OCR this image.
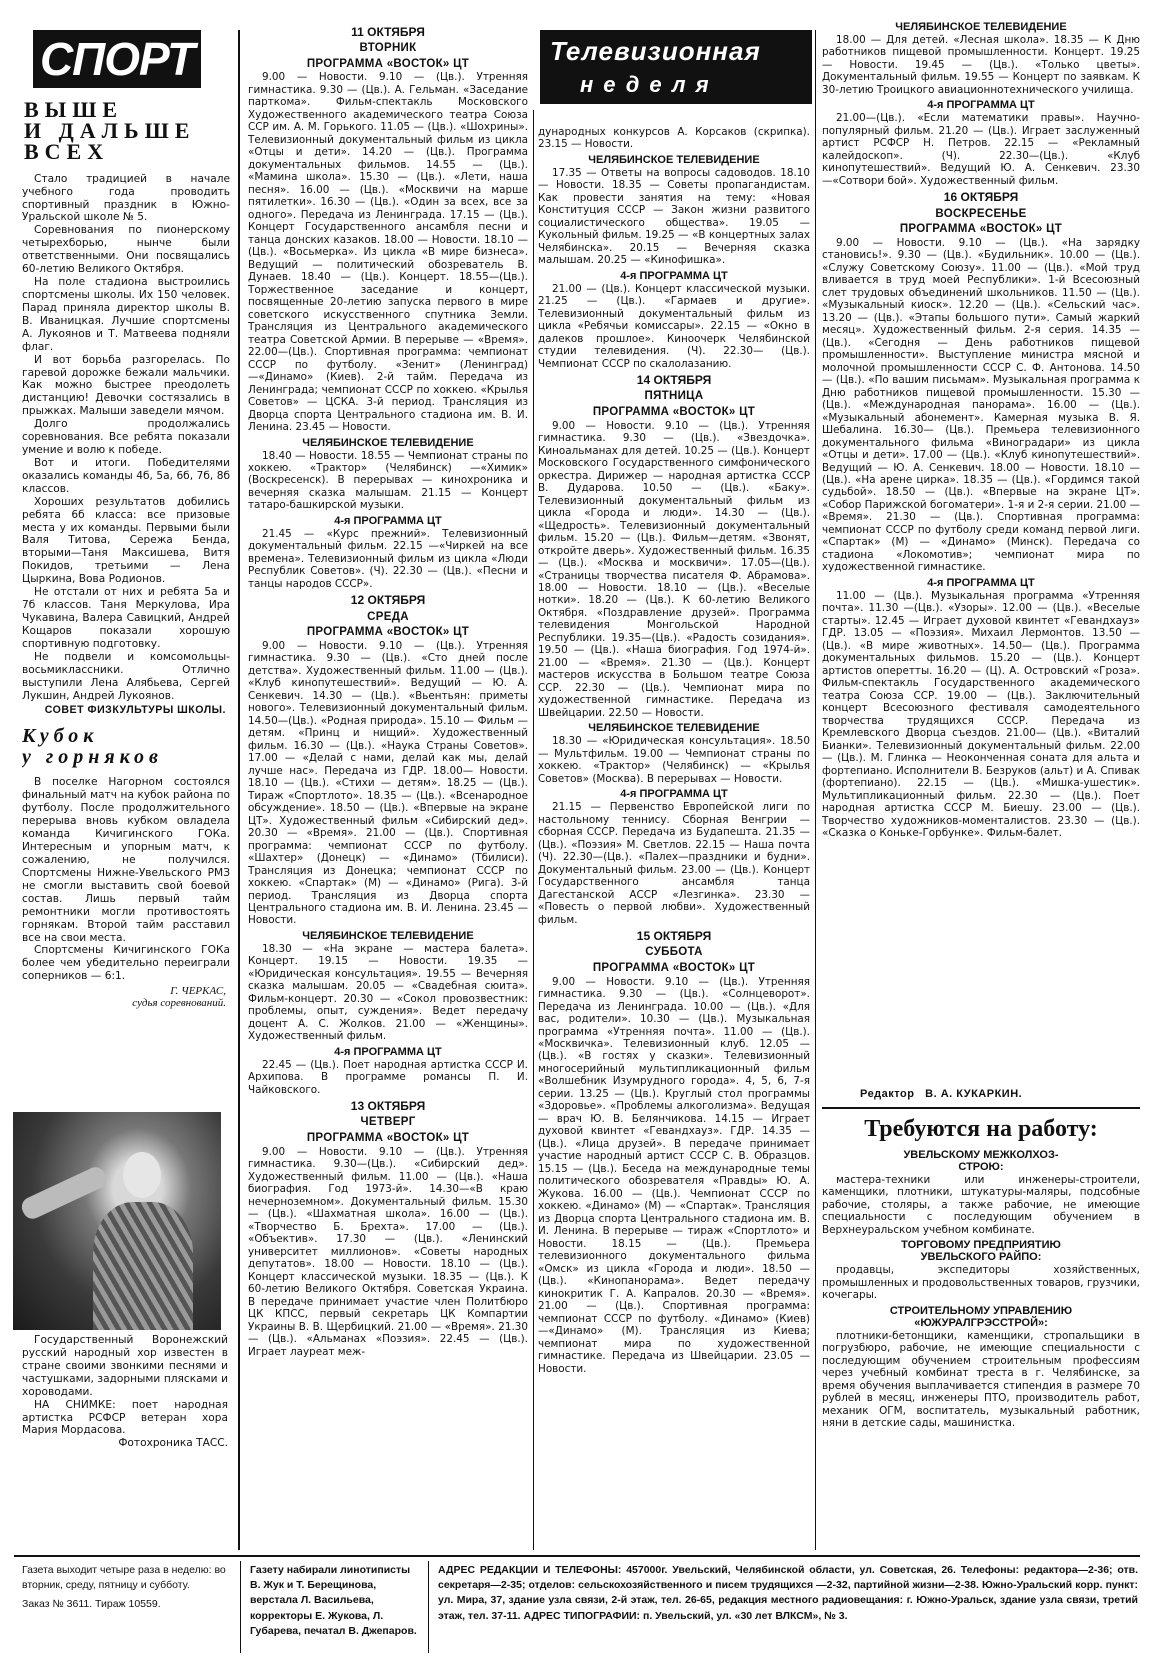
СПОРТ
ВЫШЕ
И ДАЛЬШЕ
ВСЕХ

Стало традицией в начале учебного года проводить спортивный праздник в Южно-Уральской школе № 5.

Соревнования по пионерскому четырехборью, нынче были ответственными. Они посвящались 60-летию Великого Октября.

На поле стадиона выстроились спортсмены школы. Их 150 человек. Парад приняла директор школы В. В. Иваницкая. Лучшие спортсмены А. Лукоянов и Т. Матвеева подняли флаг.

И вот борьба разгорелась. По гаревой дорожке бежали мальчики. Как можно быстрее преодолеть дистанцию! Девочки состязались в прыжках. Малыши заведели мячом.

Долго продолжались соревнования. Все ребята показали умение и волю к победе.

Вот и итоги. Победителями оказались команды 4б, 5а, 6б, 7б, 8б классов.

Хороших результатов добились ребята 6б класса: все призовые места у их команды. Первыми были Валя Титова, Сережа Бенда, вторыми—Таня Максишева, Витя Покидов, третьими — Лена Цыркина, Вова Родионов.

Не отстали от них и ребята 5а и 7б классов. Таня Меркулова, Ира Чукавина, Валера Савицкий, Андрей Кощаров показали хорошую спортивную подготовку.

Не подвели и комсомольцы-восьмиклассники. Отлично выступили Лена Алябьева, Сергей Лукшин, Андрей Лукоянов.

СОВЕТ ФИЗКУЛЬТУРЫ ШКОЛЫ.
Кубок
у горняков

В поселке Нагорном состоялся финальный матч на кубок района по футболу. После продолжительного перерыва вновь кубком овладела команда Кичигинского ГОКа. Интересным и упорным матч, к сожалению, не получился. Спортсмены Нижне-Увельского РМЗ не смогли выставить свой боевой состав. Лишь первый тайм ремонтники могли противостоять горнякам. Второй тайм расставил все на свои места.

Спортсмены Кичигинского ГОКа более чем убедительно переиграли соперников — 6:1.

Г. ЧЕРКАС,
судья соревнований.

Государственный Воронежский русский народный хор известен в стране своими звонкими песнями и частушками, задорными плясками и хороводами.

НА СНИМКЕ: поет народная артистка РСФСР ветеран хора Мария Мордасова.

Фотохроника ТАСС.

11 ОКТЯБРЯ
ВТОРНИК
ПРОГРАММА «ВОСТОК» ЦТ

9.00 — Новости. 9.10 — (Цв.). Утренняя гимнастика. 9.30 — (Цв.). А. Гельман. «Заседание парткома». Фильм-спектакль Московского Художественного академического театра Союза ССР им. А. М. Горького. 11.05 — (Цв.). «Шохрины». Телевизионный документальный фильм из цикла «Отцы и дети». 14.20 — (Цв.). Программа документальных фильмов. 14.55 — (Цв.). «Мамина школа». 15.30 — (Цв.). «Лети, наша песня». 16.00 — (Цв.). «Москвичи на марше пятилетки». 16.30 — (Цв.). «Один за всех, все за одного». Передача из Ленинграда. 17.15 — (Цв.). Концерт Государственного ансамбля песни и танца донских казаков. 18.00 — Новости. 18.10 — (Цв.). «Восьмерка». Из цикла «В мире бизнеса». Ведущий — политический обозреватель В. Дунаев. 18.40 — (Цв.). Концерт. 18.55—(Цв.). Торжественное заседание и концерт, посвященные 20-летию запуска первого в мире советского искусственного спутника Земли. Трансляция из Центрального академического театра Советской Армии. В перерыве — «Время». 22.00—(Цв.). Спортивная программа: чемпионат СССР по футболу. «Зенит» (Ленинград)—«Динамо» (Киев). 2-й тайм. Передача из Ленинграда; чемпионат СССР по хоккею. «Крылья Советов» — ЦСКА. 3-й период. Трансляция из Дворца спорта Центрального стадиона им. В. И. Ленина. 23.45 — Новости.

ЧЕЛЯБИНСКОЕ ТЕЛЕВИДЕНИЕ

18.40 — Новости. 18.55 — Чемпионат страны по хоккею. «Трактор» (Челябинск) —«Химик» (Воскресенск). В перерывах — кинохроника и вечерняя сказка малышам. 21.15 — Концерт татаро-башкирской музыки.

4-я ПРОГРАММА ЦТ

21.45 — «Курс прежний». Телевизионный документальный фильм. 22.15 —«Чиркей на все времена». Телевизионный фильм из цикла «Люди Республик Советов». (Ч). 22.30 — (Цв.). «Песни и танцы народов СССР».

12 ОКТЯБРЯ
СРЕДА
ПРОГРАММА «ВОСТОК» ЦТ

9.00 — Новости. 9.10 — (Цв.). Утренняя гимнастика. 9.30 — (Цв.). «Сто дней после детства». Художественный фильм. 11.00 — (Цв.). «Клуб кинопутешествий». Ведущий — Ю. А. Сенкевич. 14.30 — (Цв.). «Вьентьян: приметы нового». Телевизионный документальный фильм. 14.50—(Цв.). «Родная природа». 15.10 — Фильм — детям. «Принц и нищий». Художественный фильм. 16.30 — (Цв.). «Наука Страны Советов». 17.00 — «Делай с нами, делай как мы, делай лучше нас». Передача из ГДР. 18.00— Новости. 18.10 — (Цв.). «Стихи — детям». 18.25 — (Цв.). Тираж «Спортлото». 18.35 — (Цв.). «Всенародное обсуждение». 18.50 — (Цв.). «Впервые на экране ЦТ». Художественный фильм «Сибирский дед». 20.30 — «Время». 21.00 — (Цв.). Спортивная программа: чемпионат СССР по футболу. «Шахтер» (Донецк) — «Динамо» (Тбилиси). Трансляция из Донецка; чемпионат СССР по хоккею. «Спартак» (М) — «Динамо» (Рига). 3-й период. Трансляция из Дворца спорта Центрального стадиона им. В. И. Ленина. 23.45 — Новости.

ЧЕЛЯБИНСКОЕ ТЕЛЕВИДЕНИЕ

18.30 — «На экране — мастера балета». Концерт. 19.15 — Новости. 19.35 — «Юридическая консультация». 19.55 — Вечерняя сказка малышам. 20.05 — «Свадебная сюита». Фильм-концерт. 20.30 — «Сокол провозвестник: проблемы, опыт, суждения». Ведет передачу доцент А. С. Жолков. 21.00 — «Женщины». Художественный фильм.

4-я ПРОГРАММА ЦТ

22.45 — (Цв.). Поет народная артистка СССР И. Архипова. В программе романсы П. И. Чайковского.

13 ОКТЯБРЯ
ЧЕТВЕРГ
ПРОГРАММА «ВОСТОК» ЦТ

9.00 — Новости. 9.10 — (Цв.). Утренняя гимнастика. 9.30—(Цв.). «Сибирский дед». Художественный фильм. 11.00 — (Цв.). «Наша биография. Год 1973-й». 14.30—«В краю нечерноземном». Документальный фильм. 15.30 — (Цв.). «Шахматная школа». 16.00 — (Цв.). «Творчество Б. Брехта». 17.00 — (Цв.). «Объектив». 17.30 — (Цв.). «Ленинский университет миллионов». «Советы народных депутатов». 18.00 — Новости. 18.10 — (Цв.). Концерт классической музыки. 18.35 — (Цв.). К 60-летию Великого Октября. Советская Украина. В передаче принимает участие член Политбюро ЦК КПСС, первый секретарь ЦК Компартии Украины В. В. Щербицкий. 21.00 — «Время». 21.30 — (Цв.). «Альманах «Поэзия». 22.45 — (Цв.). Играет лауреат меж-

Телевизионная
неделя

дународных конкурсов А. Корсаков (скрипка). 23.15 — Новости.

ЧЕЛЯБИНСКОЕ ТЕЛЕВИДЕНИЕ

17.35 — Ответы на вопросы садоводов. 18.10 — Новости. 18.35 — Советы пропагандистам. Как провести занятия на тему: «Новая Конституция СССР — Закон жизни развитого социалистического общества». 19.05 — Кукольный фильм. 19.25 — «В концертных залах Челябинска». 20.15 — Вечерняя сказка малышам. 20.25 — «Кинофишка».

4-я ПРОГРАММА ЦТ

21.00 — (Цв.). Концерт классической музыки. 21.25 — (Цв.). «Гармаев и другие». Телевизионный документальный фильм из цикла «Ребячьи комиссары». 22.15 — «Окно в далеков прошлое». Киноочерк Челябинской студии телевидения. (Ч). 22.30— (Цв.). Чемпионат СССР по скалолазанию.

14 ОКТЯБРЯ
ПЯТНИЦА
ПРОГРАММА «ВОСТОК» ЦТ

9.00 — Новости. 9.10 — (Цв.). Утренняя гимнастика. 9.30 — (Цв.). «Звездочка». Киноальманах для детей. 10.25 — (Цв.). Концерт Московского Государственного симфонического оркестра. Дирижер — народная артистка СССР В. Дударова. 10.50 — (Цв.). «Баку». Телевизионный документальный фильм из цикла «Города и люди». 14.30 — (Цв.). «Щедрость». Телевизионный документальный фильм. 15.20 — (Цв.). Фильм—детям. «Звонят, откройте дверь». Художественный фильм. 16.35 — (Цв.). «Москва и москвичи». 17.05—(Цв.). «Страницы творчества писателя Ф. Абрамова». 18.00 — Новости. 18.10 — (Цв.). «Веселые нотки». 18.20 — (Цв.). К 60-летию Великого Октября. «Поздравление друзей». Программа телевидения Монгольской Народной Республики. 19.35—(Цв.). «Радость созидания». 19.50 — (Цв.). «Наша биография. Год 1974-й». 21.00 — «Время». 21.30 — (Цв.). Концерт мастеров искусства в Большом театре Союза ССР. 22.30 — (Цв.). Чемпионат мира по художественной гимнастике. Передача из Швейцарии. 22.50 — Новости.

ЧЕЛЯБИНСКОЕ ТЕЛЕВИДЕНИЕ

18.30 — «Юридическая консультация». 18.50 — Мультфильм. 19.00 — Чемпионат страны по хоккею. «Трактор» (Челябинск) — «Крылья Советов» (Москва). В перерывах — Новости.

4-я ПРОГРАММА ЦТ

21.15 — Первенство Европейской лиги по настольному теннису. Сборная Венгрии — сборная СССР. Передача из Будапешта. 21.35 — (Цв.). «Поэзия» М. Светлов. 22.15 — Наша почта (Ч). 22.30—(Цв.). «Палех—праздники и будни». Документальный фильм. 23.00 — (Цв.). Концерт Государственного ансамбля танца Дагестанской АССР «Лезгинка». 23.30 — «Повесть о первой любви». Художественный фильм.

15 ОКТЯБРЯ
СУББОТА
ПРОГРАММА «ВОСТОК» ЦТ

9.00 — Новости. 9.10 — (Цв.). Утренняя гимнастика. 9.30 — (Цв.). «Солнцеворот». Передача из Ленинграда. 10.00 — (Цв.). «Для вас, родители». 10.30 — (Цв.). Музыкальная программа «Утренняя почта». 11.00 — (Цв.). «Москвичка». Телевизионный клуб. 12.05 — (Цв.). «В гостях у сказки». Телевизионный многосерийный мультипликационный фильм «Волшебник Изумрудного города». 4, 5, 6, 7-я серии. 13.25 — (Цв.). Круглый стол программы «Здоровье». «Проблемы алкоголизма». Ведущая — врач Ю. В. Белянчикова. 14.15 — Играет духовой квинтет «Гевандхауз». ГДР. 14.35 — (Цв.). «Лица друзей». В передаче принимает участие народный артист СССР С. В. Образцов. 15.15 — (Цв.). Беседа на международные темы политического обозревателя «Правды» Ю. А. Жукова. 16.00 — (Цв.). Чемпионат СССР по хоккею. «Динамо» (М) — «Спартак». Трансляция из Дворца спорта Центрального стадиона им. В. И. Ленина. В перерыве — тираж «Спортлото» и Новости. 18.15 — (Цв.). Премьера телевизионного документального фильма «Омск» из цикла «Города и люди». 18.50 — (Цв.). «Кинопанорама». Ведет передачу кинокритик Г. А. Капралов. 20.30 — «Время». 21.00 — (Цв.). Спортивная программа: чемпионат СССР по футболу. «Динамо» (Киев)—«Динамо» (М). Трансляция из Киева; чемпионат мира по художественной гимнастике. Передача из Швейцарии. 23.05 — Новости.

ЧЕЛЯБИНСКОЕ ТЕЛЕВИДЕНИЕ

18.00 — Для детей. «Лесная школа». 18.35 — К Дню работников пищевой промышленности. Концерт. 19.25 — Новости. 19.45 — (Цв.). «Только цветы». Документальный фильм. 19.55 — Концерт по заявкам. К 30-летию Троицкого авиационнотехнического училища.

4-я ПРОГРАММА ЦТ

21.00—(Цв.). «Если математики правы». Научно-популярный фильм. 21.20 — (Цв.). Играет заслуженный артист РСФСР Н. Петров. 22.15 — «Рекламный калейдоскоп». (Ч). 22.30—(Цв.). «Клуб кинопутешествий». Ведущий Ю. А. Сенкевич. 23.30 —«Сотвори бой». Художественный фильм.

16 ОКТЯБРЯ
ВОСКРЕСЕНЬЕ
ПРОГРАММА «ВОСТОК» ЦТ

9.00 — Новости. 9.10 — (Цв.). «На зарядку становись!». 9.30 — (Цв.). «Будильник». 10.00 — (Цв.). «Служу Советскому Союзу». 11.00 — (Цв.). «Мой труд вливается в труд моей Республики». 1-й Всесоюзный слет трудовых объединений школьников. 11.50 — (Цв.). «Музыкальный киоск». 12.20 — (Цв.). «Сельский час». 13.20 — (Цв.). «Этапы большого пути». Самый жаркий месяц». Художественный фильм. 2-я серия. 14.35 — (Цв.). «Сегодня — День работников пищевой промышленности». Выступление министра мясной и молочной промышленности СССР С. Ф. Антонова. 14.50 — (Цв.). «По вашим письмам». Музыкальная программа к Дню работников пищевой промышленности. 15.30 — (Цв.). «Международная панорама». 16.00 — (Цв.). «Музыкальный абонемент». Камерная музыка В. Я. Шебалина. 16.30— (Цв.). Премьера телевизионного документального фильма «Виноградари» из цикла «Отцы и дети». 17.00 — (Цв.). «Клуб кинопутешествий». Ведущий — Ю. А. Сенкевич. 18.00 — Новости. 18.10 — (Цв.). «На арене цирка». 18.35 — (Цв.). «Гордимся такой судьбой». 18.50 — (Цв.). «Впервые на экране ЦТ». «Собор Парижской богоматери». 1-я и 2-я серии. 21.00 — «Время». 21.30 — (Цв.). Спортивная программа: чемпионат СССР по футболу среди команд первой лиги. «Спартак» (М) — «Динамо» (Минск). Передача со стадиона «Локомотив»; чемпионат мира по художественной гимнастике.

4-я ПРОГРАММА ЦТ

11.00 — (Цв.). Музыкальная программа «Утренняя почта». 11.30 —(Цв.). «Узоры». 12.00 — (Цв.). «Веселые старты». 12.45 — Играет духовой квинтет «Гевандхауз» ГДР. 13.05 — «Поэзия». Михаил Лермонтов. 13.50 — (Цв.). «В мире животных». 14.50— (Цв.). Программа документальных фильмов. 15.20 — (Цв.). Концерт артистов оперетты. 16.20 — (Ц). А. Островский «Гроза». Фильм-спектакль Государственного академического театра Союза ССР. 19.00 — (Цв.). Заключительный концерт Всесоюзного фестиваля самодеятельного творчества трудящихся СССР. Передача из Кремлевского Дворца съездов. 21.00— (Цв.). «Виталий Бианки». Телевизионный документальный фильм. 22.00 — (Цв.). М. Глинка — Неоконченная соната для альта и фортепиано. Исполнители В. Безруков (альт) и А. Спивак (фортепиано). 22.15 — (Цв.). «Мишка-ушестик». Мультипликационный фильм. 22.30 — (Цв.). Поет народная артистка СССР М. Биешу. 23.00 — (Цв.). Творчество художников-моменталистов. 23.30 — (Цв.). «Сказка о Коньке-Горбунке». Фильм-балет.

Редактор   В. А. КУКАРКИН.
Требуются на работу:
УВЕЛЬСКОМУ МЕЖКОЛХОЗ-
СТРОЮ:

мастера-техники или инженеры-строители, каменщики, плотники, штукатуры-маляры, подсобные рабочие, столяры, а также рабочие, не имеющие специальности с последующим обучением в Верхнеуральском учебном комбинате.

ТОРГОВОМУ ПРЕДПРИЯТИЮ
УВЕЛЬСКОГО РАЙПО:

продавцы, экспедиторы хозяйственных, промышленных и продовольственных товаров, грузчики, кочегары.

СТРОИТЕЛЬНОМУ УПРАВЛЕНИЮ
«ЮЖУРАЛГРЭССТРОЙ»:

плотники-бетонщики, каменщики, стропальщики в погрузбюро, рабочие, не имеющие специальности с последующим обучением строительным профессиям через учебный комбинат треста в г. Челябинске, за время обучения выплачивается стипендия в размере 70 рублей в месяц, инженеры ПТО, производитель работ, механик ОГМ, воспитатель, музыкальный работник, няни в детские сады, машинистка.

Газета выходит четыре раза в неделю: во вторник, среду, пятницу и субботу.
Заказ № 3611. Тираж 10559.
Газету набирали линотиписты В. Жук и Т. Берещинова, верстала Л. Васильева, корректоры Е. Жукова, Л. Губарева, печатал В. Джепаров.
АДРЕС РЕДАКЦИИ И ТЕЛЕФОНЫ: 457000г. Увельский, Челябинской области, ул. Советская, 26. Телефоны: редактора—2-36; отв. секретаря—2-35; отделов: сельскохозяйственного и писем трудящихся —2-32, партийной жизни—2-38. Южно-Уральский корр. пункт: ул. Мира, 37, здание узла связи, 2-й этаж, тел. 26-65, редакция местного радиовещания: г. Южно-Уральск, здание узла связи, третий этаж, тел. 37-11. АДРЕС ТИПОГРАФИИ: п. Увельский, ул. «30 лет ВЛКСМ», № 3.
